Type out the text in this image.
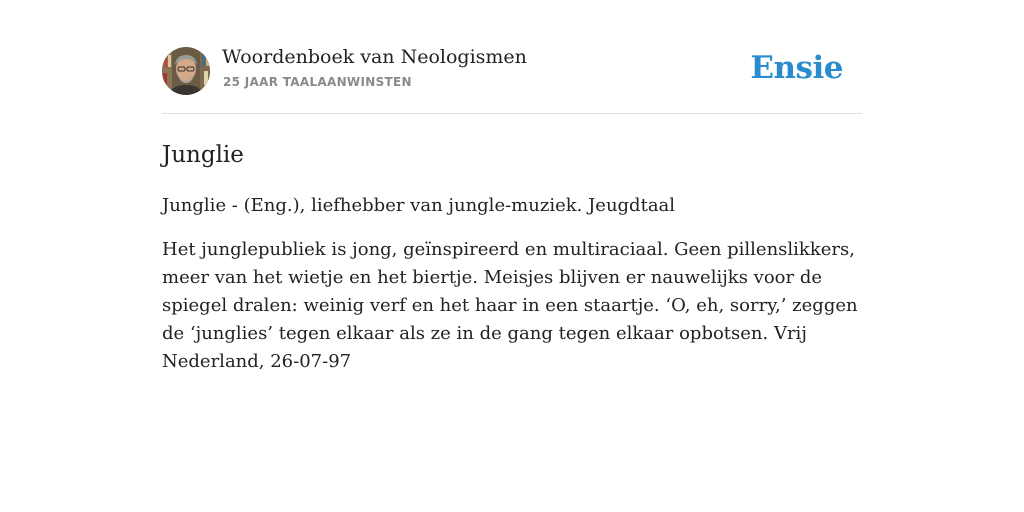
Woordenboek van Neologismen
25 JAAR TAALAANWINSTEN	Ensie
Junglie

Junglie - (Eng.), liefhebber van jungle-muziek. Jeugdtaal

Het junglepubliek is jong, geïnspireerd en multiraciaal. Geen pillenslikkers, meer van het wietje en het biertje. Meisjes blijven er nauwelijks voor de spiegel dralen: weinig verf en het haar in een staartje. ‘O, eh, sorry,’ zeggen de ‘junglies’ tegen elkaar als ze in de gang tegen elkaar opbotsen. Vrij Nederland, 26-07-97
